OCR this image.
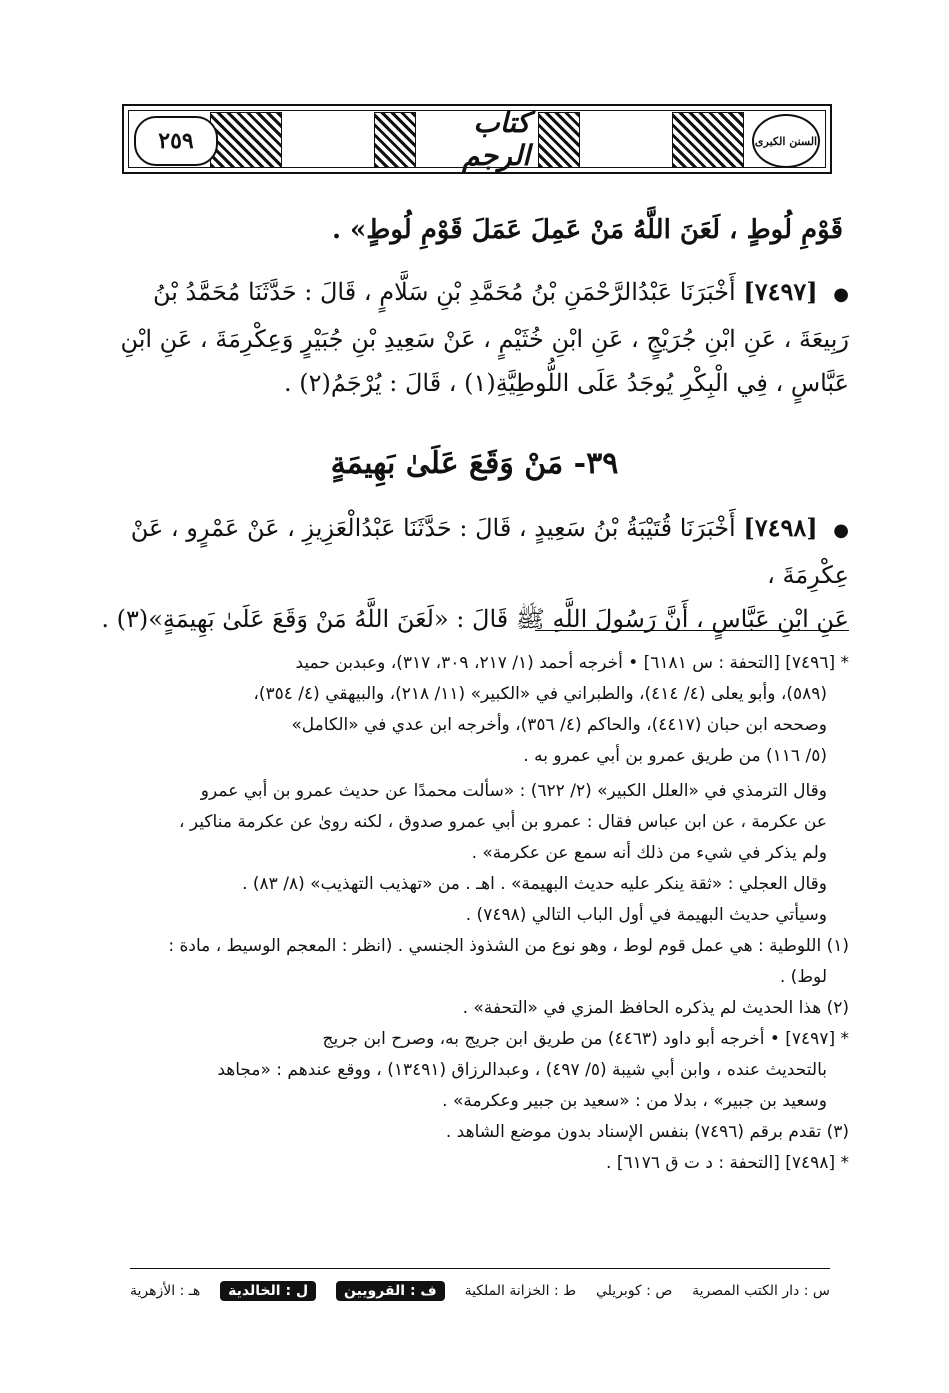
السنن الكبرى
٢٥٩
كتاب الرجم
قَوْمِ لُوطٍ ، لَعَنَ اللَّهُ مَنْ عَمِلَ عَمَلَ قَوْمِ لُوطٍ» .
● [٧٤٩٧] أَخْبَرَنَا عَبْدُالرَّحْمَنِ بْنُ مُحَمَّدِ بْنِ سَلَّامٍ ، قَالَ : حَدَّثَنَا مُحَمَّدُ بْنُ
رَبِيعَةَ ، عَنِ ابْنِ جُرَيْجٍ ، عَنِ ابْنِ خُثَيْمٍ ، عَنْ سَعِيدِ بْنِ جُبَيْرٍ وَعِكْرِمَةَ ، عَنِ ابْنِ
عَبَّاسٍ ، فِي الْبِكْرِ يُوجَدُ عَلَى اللُّوطِيَّةِ(١) ، قَالَ : يُرْجَمُ(٢) .
٣٩- مَنْ وَقَعَ عَلَىٰ بَهِيمَةٍ
● [٧٤٩٨] أَخْبَرَنَا قُتَيْبَةُ بْنُ سَعِيدٍ ، قَالَ : حَدَّثَنَا عَبْدُالْعَزِيزِ ، عَنْ عَمْرٍو ، عَنْ عِكْرِمَةَ ،
عَنِ ابْنِ عَبَّاسٍ ، أَنَّ رَسُولَ اللَّهِ ﷺ قَالَ : «لَعَنَ اللَّهُ مَنْ وَقَعَ عَلَىٰ بَهِيمَةٍ»(٣) .
* [٧٤٩٦] [التحفة : س ٦١٨١] • أخرجه أحمد (١/ ٢١٧، ٣٠٩، ٣١٧)، وعبدبن حميد
(٥٨٩)، وأبو يعلى (٤/ ٤١٤)، والطبراني في «الكبير» (١١/ ٢١٨)، والبيهقي (٤/ ٣٥٤)،
وصححه ابن حبان (٤٤١٧)، والحاكم (٤/ ٣٥٦)، وأخرجه ابن عدي في «الكامل»
(٥/ ١١٦) من طريق عمرو بن أبي عمرو به .
وقال الترمذي في «العلل الكبير» (٢/ ٦٢٢) : «سألت محمدًا عن حديث عمرو بن أبي عمرو
عن عكرمة ، عن ابن عباس فقال : عمرو بن أبي عمرو صدوق ، لكنه روىٰ عن عكرمة مناكير ،
ولم يذكر في شيء من ذلك أنه سمع عن عكرمة» .
وقال العجلي : «ثقة ينكر عليه حديث البهيمة» . اهـ . من «تهذيب التهذيب» (٨/ ٨٣) .
وسيأتي حديث البهيمة في أول الباب التالي (٧٤٩٨) .
(١) اللوطية : هي عمل قوم لوط ، وهو نوع من الشذوذ الجنسي . (انظر : المعجم الوسيط ، مادة :
لوط) .
(٢) هذا الحديث لم يذكره الحافظ المزي في «التحفة» .
* [٧٤٩٧] • أخرجه أبو داود (٤٤٦٣) من طريق ابن جريج به، وصرح ابن جريج
بالتحديث عنده ، وابن أبي شيبة (٥/ ٤٩٧) ، وعبدالرزاق (١٣٤٩١) ، ووقع عندهم : «مجاهد
وسعيد بن جبير» ، بدلا من : «سعيد بن جبير وعكرمة» .
(٣) تقدم برقم (٧٤٩٦) بنفس الإسناد بدون موضع الشاهد .
* [٧٤٩٨] [التحفة : د ت ق ٦١٧٦] .
س : دار الكتب المصرية
ص : كوبريلي
ط : الخزانة الملكية
ف : القرويين
ل : الخالدية
هـ : الأزهرية
